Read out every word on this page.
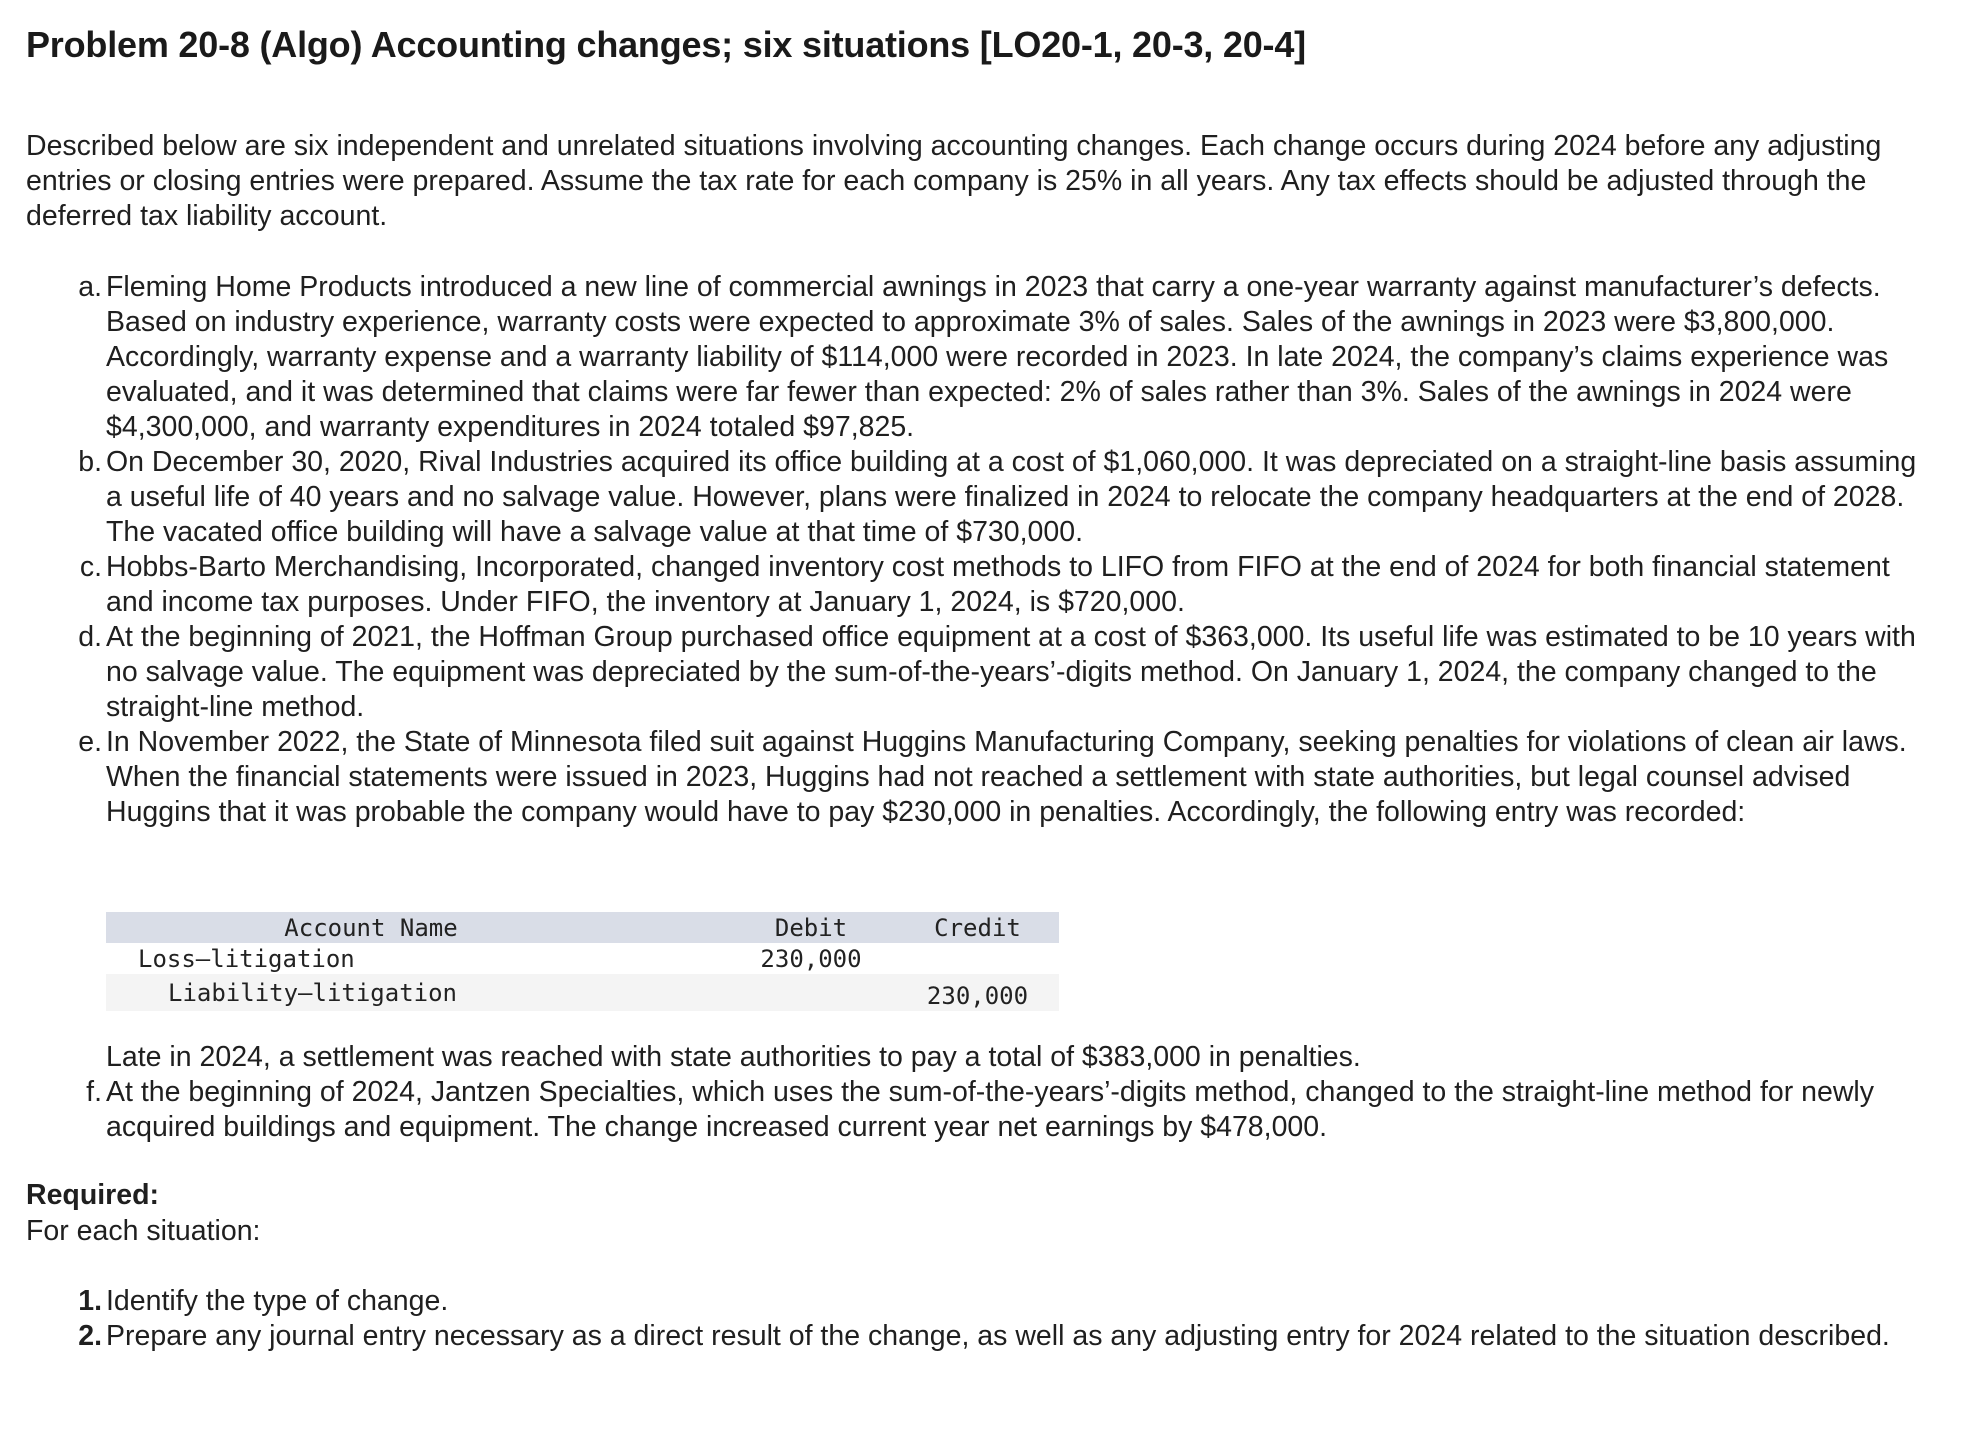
Problem 20-8 (Algo) Accounting changes; six situations [LO20-1, 20-3, 20-4]

Described below are six independent and unrelated situations involving accounting changes. Each change occurs during 2024 before any adjusting entries or closing entries were prepared. Assume the tax rate for each company is 25% in all years. Any tax effects should be adjusted through the deferred tax liability account.

a. Fleming Home Products introduced a new line of commercial awnings in 2023 that carry a one-year warranty against manufacturer’s defects. Based on industry experience, warranty costs were expected to approximate 3% of sales. Sales of the awnings in 2023 were $3,800,000. Accordingly, warranty expense and a warranty liability of $114,000 were recorded in 2023. In late 2024, the company’s claims experience was evaluated, and it was determined that claims were far fewer than expected: 2% of sales rather than 3%. Sales of the awnings in 2024 were $4,300,000, and warranty expenditures in 2024 totaled $97,825.
b. On December 30, 2020, Rival Industries acquired its office building at a cost of $1,060,000. It was depreciated on a straight-line basis assuming a useful life of 40 years and no salvage value. However, plans were finalized in 2024 to relocate the company headquarters at the end of 2028. The vacated office building will have a salvage value at that time of $730,000.
c. Hobbs-Barto Merchandising, Incorporated, changed inventory cost methods to LIFO from FIFO at the end of 2024 for both financial statement and income tax purposes. Under FIFO, the inventory at January 1, 2024, is $720,000.
d. At the beginning of 2021, the Hoffman Group purchased office equipment at a cost of $363,000. Its useful life was estimated to be 10 years with no salvage value. The equipment was depreciated by the sum-of-the-years’-digits method. On January 1, 2024, the company changed to the straight-line method.
e. In November 2022, the State of Minnesota filed suit against Huggins Manufacturing Company, seeking penalties for violations of clean air laws. When the financial statements were issued in 2023, Huggins had not reached a settlement with state authorities, but legal counsel advised Huggins that it was probable the company would have to pay $230,000 in penalties. Accordingly, the following entry was recorded:
Account Name	Debit	Credit
Loss–litigation	230,000	
Liability–litigation		230,000
Late in 2024, a settlement was reached with state authorities to pay a total of $383,000 in penalties.
f. At the beginning of 2024, Jantzen Specialties, which uses the sum-of-the-years’-digits method, changed to the straight-line method for newly acquired buildings and equipment. The change increased current year net earnings by $478,000.

Required:

For each situation:

1. Identify the type of change.
2. Prepare any journal entry necessary as a direct result of the change, as well as any adjusting entry for 2024 related to the situation described.
